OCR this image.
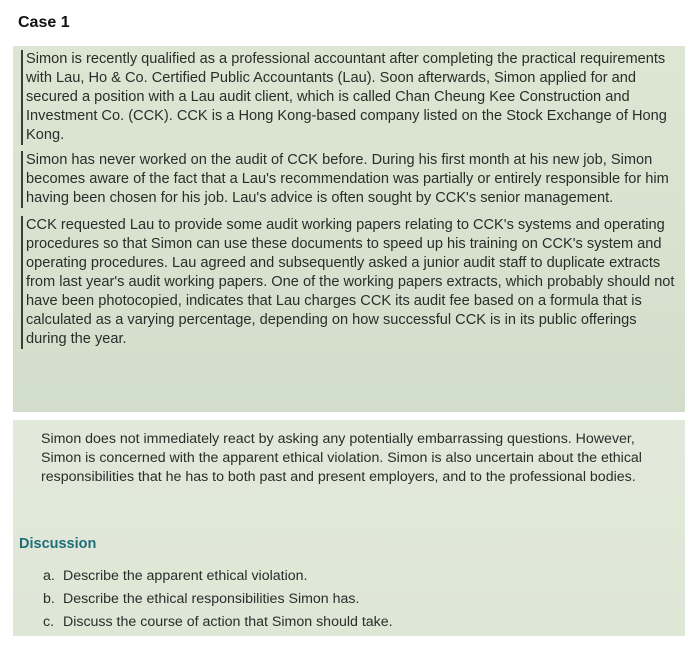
Case 1

Simon is recently qualified as a professional accountant after completing the practical requirements with Lau, Ho & Co. Certified Public Accountants (Lau). Soon afterwards, Simon applied for and secured a position with a Lau audit client, which is called Chan Cheung Kee Construction and Investment Co. (CCK). CCK is a Hong Kong-based company listed on the Stock Exchange of Hong Kong.

Simon has never worked on the audit of CCK before. During his first month at his new job, Simon becomes aware of the fact that a Lau's recommendation was partially or entirely responsible for him having been chosen for his job. Lau's advice is often sought by CCK's senior management.

CCK requested Lau to provide some audit working papers relating to CCK's systems and operating procedures so that Simon can use these documents to speed up his training on CCK's system and operating procedures. Lau agreed and subsequently asked a junior audit staff to duplicate extracts from last year's audit working papers. One of the working papers extracts, which probably should not have been photocopied, indicates that Lau charges CCK its audit fee based on a formula that is calculated as a varying percentage, depending on how successful CCK is in its public offerings during the year.

Simon does not immediately react by asking any potentially embarrassing questions. However, Simon is concerned with the apparent ethical violation. Simon is also uncertain about the ethical responsibilities that he has to both past and present employers, and to the professional bodies.

Discussion
a. Describe the apparent ethical violation.
b. Describe the ethical responsibilities Simon has.
c. Discuss the course of action that Simon should take.
